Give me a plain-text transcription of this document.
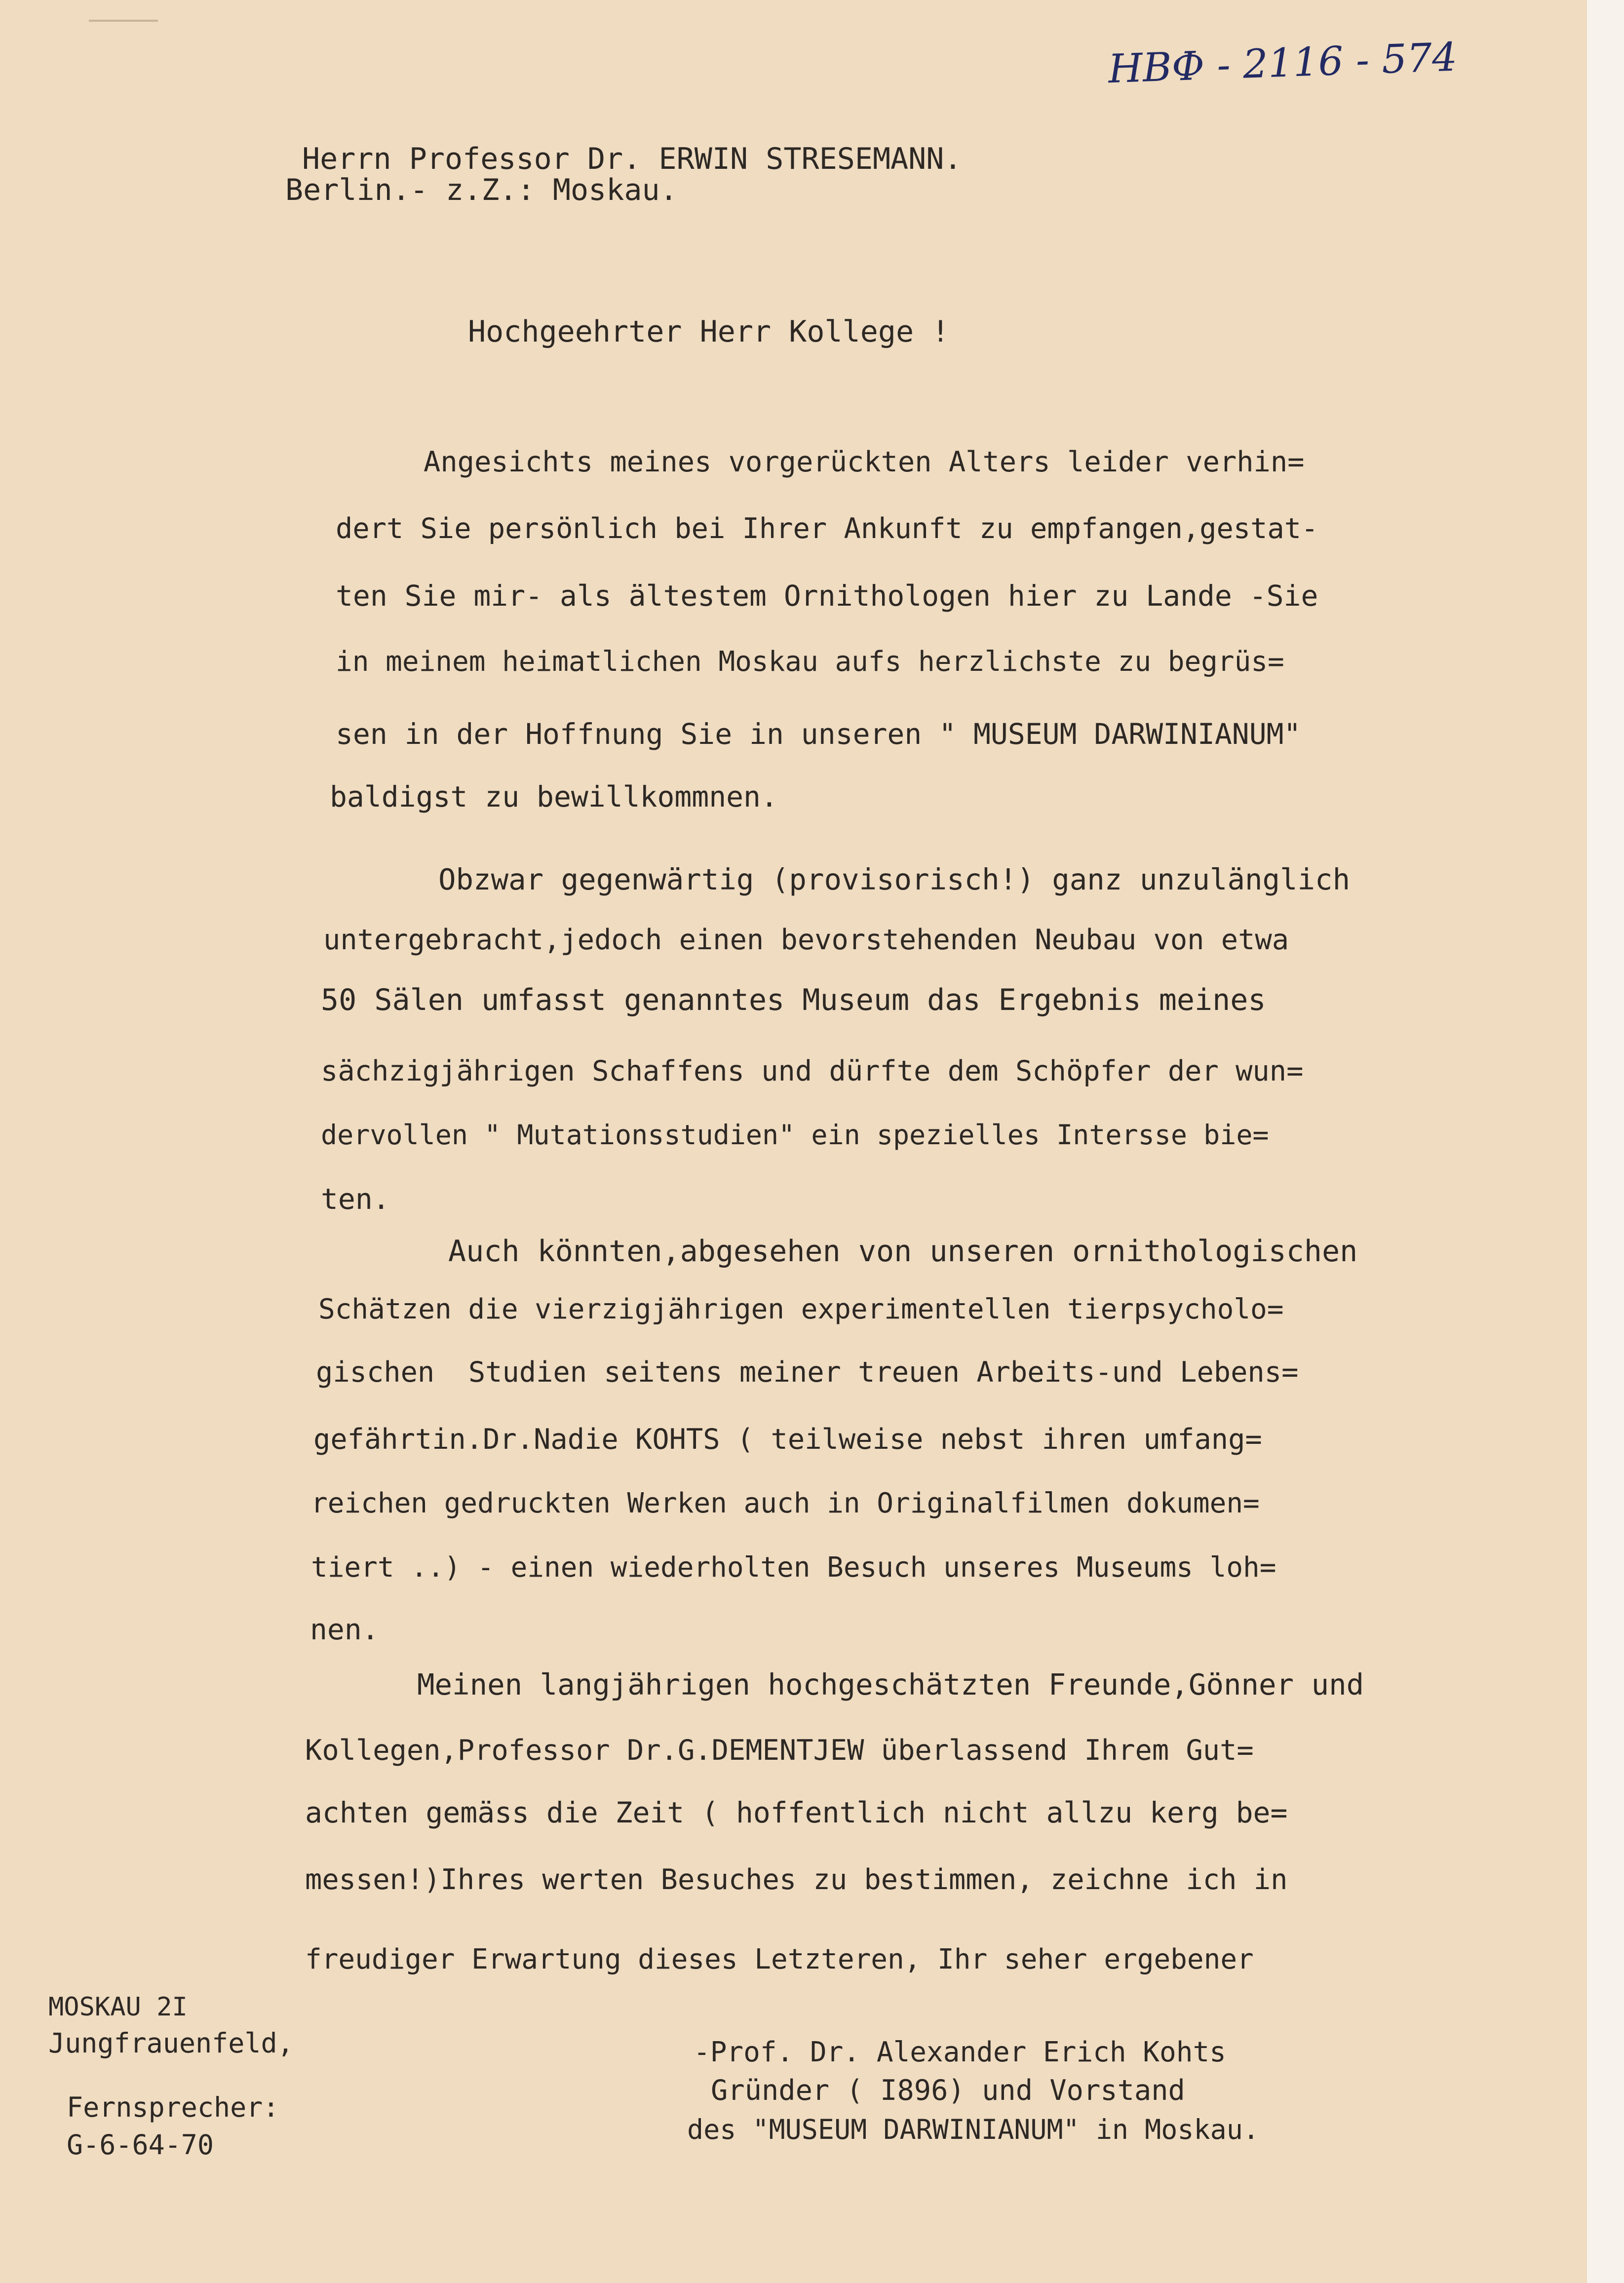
НВФ - 2116 - 574

Herrn Professor Dr. ERWIN STRESEMANN.

Berlin.- z.Z.: Moskau.

Hochgeehrter Herr Kollege !

Angesichts meines vorgerückten Alters leider verhin=

dert Sie persönlich bei Ihrer Ankunft zu empfangen,gestat-

ten Sie mir- als ältestem Ornithologen hier zu Lande -Sie

in meinem heimatlichen Moskau aufs herzlichste zu begrüs=

sen in der Hoffnung Sie in unseren " MUSEUM DARWINIANUM"

baldigst zu bewillkommnen.

Obzwar gegenwärtig (provisorisch!) ganz unzulänglich

untergebracht,jedoch einen bevorstehenden Neubau von etwa

50 Sälen umfasst genanntes Museum das Ergebnis meines

sächzigjährigen Schaffens und dürfte dem Schöpfer der wun=

dervollen " Mutationsstudien" ein spezielles Intersse bie=

ten.

Auch könnten,abgesehen von unseren ornithologischen

Schätzen die vierzigjährigen experimentellen tierpsycholo=

gischen  Studien seitens meiner treuen Arbeits-und Lebens=

gefährtin.Dr.Nadie KOHTS ( teilweise nebst ihren umfang=

reichen gedruckten Werken auch in Originalfilmen dokumen=

tiert ..) - einen wiederholten Besuch unseres Museums loh=

nen.

Meinen langjährigen hochgeschätzten Freunde,Gönner und

Kollegen,Professor Dr.G.DEMENTJEW überlassend Ihrem Gut=

achten gemäss die Zeit ( hoffentlich nicht allzu kerg be=

messen!)Ihres werten Besuches zu bestimmen, zeichne ich in

freudiger Erwartung dieses Letzteren, Ihr seher ergebener

MOSKAU 2I

Jungfrauenfeld,

Fernsprecher:

G-6-64-70

-Prof. Dr. Alexander Erich Kohts

Gründer ( I896) und Vorstand

des "MUSEUM DARWINIANUM" in Moskau.
